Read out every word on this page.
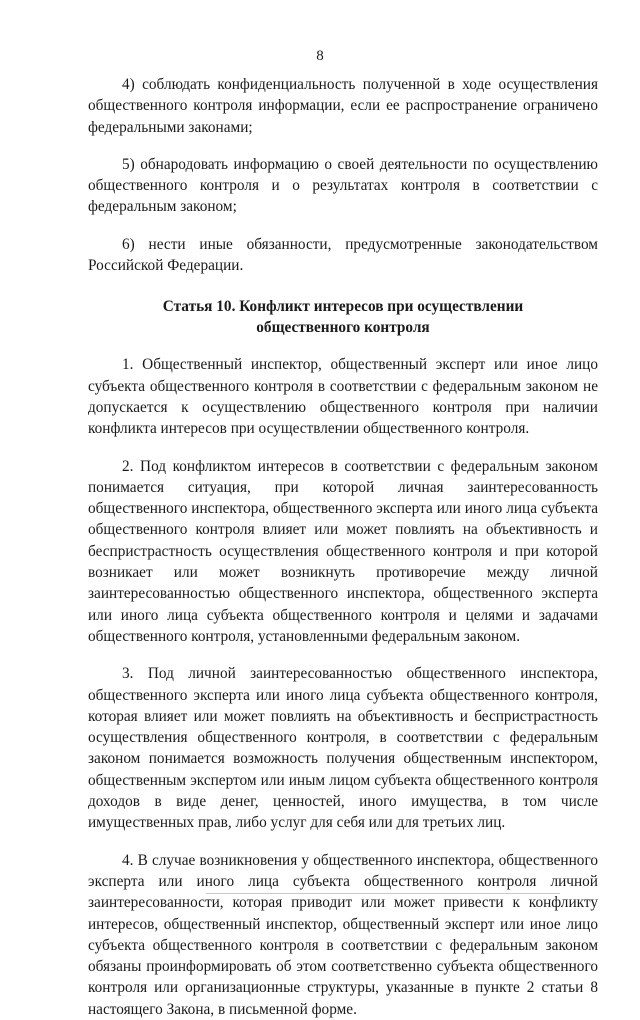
8

4) соблюдать конфиденциальность полученной в ходе осуществления общественного контроля информации, если ее распространение ограничено федеральными законами;

5) обнародовать информацию о своей деятельности по осуществлению общественного контроля и о результатах контроля в соответствии с федеральным законом;

6) нести иные обязанности, предусмотренные законодательством Российской Федерации.

Статья 10. Конфликт интересов при осуществлении
общественного контроля

1. Общественный инспектор, общественный эксперт или иное лицо субъекта общественного контроля в соответствии с федеральным законом не допускается к осуществлению общественного контроля при наличии конфликта интересов при осуществлении общественного контроля.

2. Под конфликтом интересов в соответствии с федеральным законом понимается ситуация, при которой личная заинтересованность общественного инспектора, общественного эксперта или иного лица субъекта общественного контроля влияет или может повлиять на объективность и беспристрастность осуществления общественного контроля и при которой возникает или может возникнуть противоречие между личной заинтересованностью общественного инспектора, общественного эксперта или иного лица субъекта общественного контроля и целями и задачами общественного контроля, установленными федеральным законом.

3. Под личной заинтересованностью общественного инспектора, общественного эксперта или иного лица субъекта общественного контроля, которая влияет или может повлиять на объективность и беспристрастность осуществления общественного контроля, в соответствии с федеральным законом понимается возможность получения общественным инспектором, общественным экспертом или иным лицом субъекта общественного контроля доходов в виде денег, ценностей, иного имущества, в том числе имущественных прав, либо услуг для себя или для третьих лиц.

4. В случае возникновения у общественного инспектора, общественного эксперта или иного лица субъекта общественного контроля личной заинтересованности, которая приводит или может привести к конфликту интересов, общественный инспектор, общественный эксперт или иное лицо субъекта общественного контроля в соответствии с федеральным законом обязаны проинформировать об этом соответственно субъекта общественного контроля или организационные структуры, указанные в пункте 2 статьи 8 настоящего Закона, в письменной форме.
